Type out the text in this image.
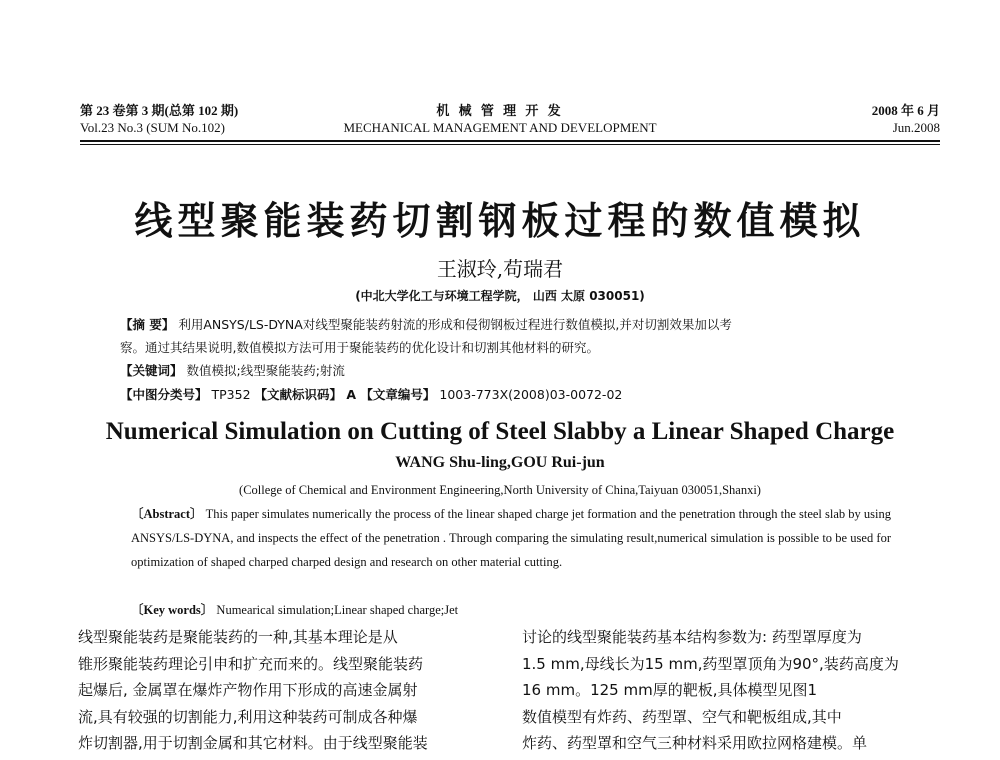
第 23 卷第 3 期(总第 102 期)	机 械 管 理 开 发	2008 年 6 月
Vol.23 No.3 (SUM No.102)	MECHANICAL MANAGEMENT AND DEVELOPMENT	Jun.2008
线型聚能装药切割钢板过程的数值模拟
王淑玲,苟瑞君
(中北大学化工与环境工程学院， 山西 太原 030051)
【摘 要】 利用ANSYS/LS-DYNA对线型聚能装药射流的形成和侵彻钢板过程进行数值模拟,并对切割效果加以考
察。通过其结果说明,数值模拟方法可用于聚能装药的优化设计和切割其他材料的研究。
【关键词】 数值模拟;线型聚能装药;射流
【中图分类号】 TP352 【文献标识码】 A 【文章编号】 1003-773X(2008)03-0072-02
Numerical Simulation on Cutting of Steel Slabby a Linear Shaped Charge
WANG Shu-ling,GOU Rui-jun
(College of Chemical and Environment Engineering,North University of China,Taiyuan 030051,Shanxi)
〔Abstract〕 This paper simulates numerically the process of the linear shaped charge jet formation and the penetration through the steel slab by using ANSYS/LS-DYNA, and inspects the effect of the penetration . Through comparing the simulating result,numerical simulation is possible to be used for optimization of shaped charped charped design and research on other material cutting.
〔Key words〕 Numearical simulation;Linear shaped charge;Jet
线型聚能装药是聚能装药的一种,其基本理论是从
锥形聚能装药理论引申和扩充而来的。线型聚能装药
起爆后, 金属罩在爆炸产物作用下形成的高速金属射
流,具有较强的切割能力,利用这种装药可制成各种爆
炸切割器,用于切割金属和其它材料。由于线型聚能装
讨论的线型聚能装药基本结构参数为: 药型罩厚度为
1.5 mm,母线长为15 mm,药型罩顶角为90°,装药高度为
16 mm。125 mm厚的靶板,具体模型见图1
数值模型有炸药、药型罩、空气和靶板组成,其中
炸药、药型罩和空气三种材料采用欧拉网格建模。单
